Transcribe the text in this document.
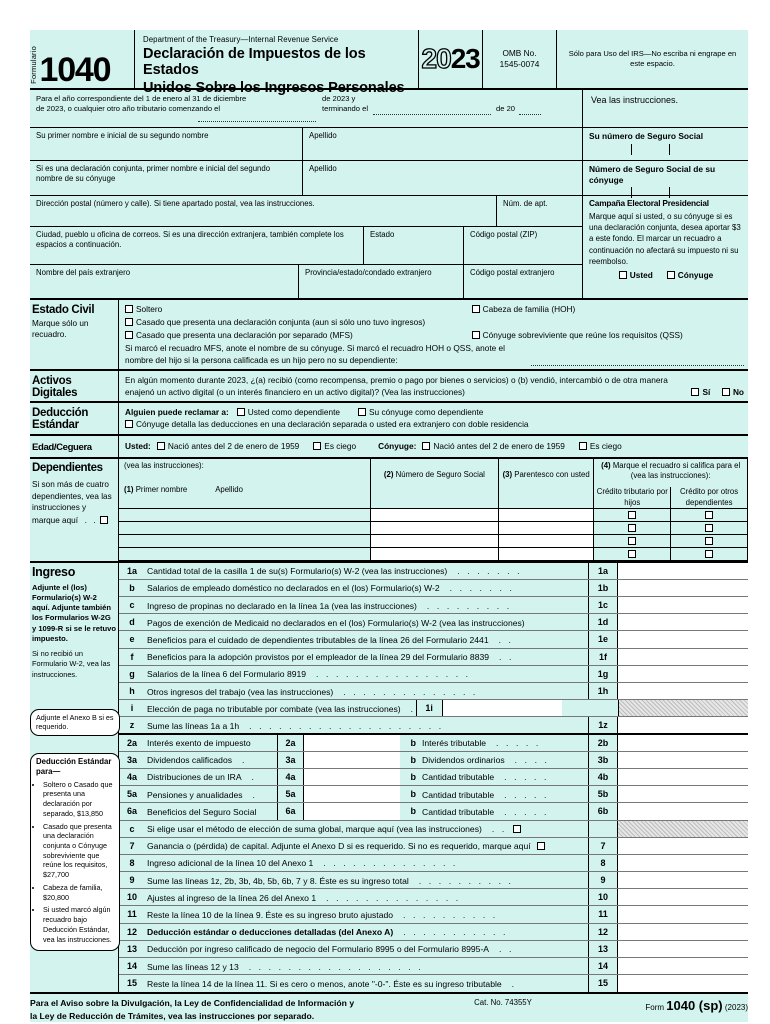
Formulario 1040
Department of the Treasury—Internal Revenue Service
Declaración de Impuestos de los Estados
Unidos Sobre los Ingresos Personales
20 23	OMB No.
1545-0074
Sólo para Uso del IRS—No escriba ni engrape en este espacio.
Para el año correspondiente del 1 de enero al 31 de diciembre
de 2023, o cualquier otro año tributario comenzando el
de 2023 y
terminando el	de 20
Vea las instrucciones.
Su primer nombre e inicial de su segundo nombre	Apellido	Su número de Seguro Social
Si es una declaración conjunta, primer nombre e inicial del segundo nombre de su cónyuge
Apellido	Número de Seguro Social de su cónyuge
Dirección postal (número y calle). Si tiene apartado postal, vea las instrucciones.	Núm. de apt.
Ciudad, pueblo u oficina de correos. Si es una dirección extranjera, también complete los espacios a continuación.
Estado	Código postal (ZIP)
Nombre del país extranjero	Provincia/estado/condado extranjero	Código postal extranjero
Campaña Electoral Presidencial
Marque aquí si usted, o su cónyuge si es una declaración conjunta, desea aportar $3 a este fondo. El marcar un recuadro a continuación no afectará su impuesto ni su reembolso.
Usted	Cónyuge
Estado Civil
Marque sólo un recuadro.
Soltero	Cabeza de familia (HOH)
Casado que presenta una declaración conjunta (aun si sólo uno tuvo ingresos)
Casado que presenta una declaración por separado (MFS)	Cónyuge sobreviviente que reúne los requisitos (QSS)
Si marcó el recuadro MFS, anote el nombre de su cónyuge. Si marcó el recuadro HOH o QSS, anote el nombre del hijo si la persona calificada es un hijo pero no su dependiente:
Activos
Digitales
En algún momento durante 2023, ¿(a) recibió (como recompensa, premio o pago por bienes o servicios) o (b) vendió, intercambió o de otra manera enajenó un activo digital (o un interés financiero en un activo digital)? (Vea las instrucciones)	Sí	No
Deducción
Estándar
Alguien puede reclamar a:	Usted como dependiente	Su cónyuge como dependiente
Cónyuge detalla las deducciones en una declaración separada o usted era extranjero con doble residencia
Edad/Ceguera	Usted:	Nació antes del 2 de enero de 1959	Es ciego	Cónyuge:	Nació antes del 2 de enero de 1959	Es ciego
Dependientes
Si son más de cuatro dependientes, vea las instrucciones y marque aquí  . .
(vea las instrucciones):
(1) Primer nombre	Apellido

(2) Número de Seguro Social	(3) Parentesco con usted

(4) Marque el recuadro si califica para el (vea las instrucciones):
Crédito tributario por hijos
Crédito por otros dependientes

Ingreso
Adjunte el (los) Formulario(s) W-2 aquí. Adjunte también los Formularios W-2G y 1099-R si se le retuvo impuesto.
Si no recibió un Formulario W-2, vea las instrucciones.
Adjunte el Anexo B si es requerido.
Deducción Estándar para—
• Soltero o Casado que presenta una declaración por separado, $13,850
• Casado que presenta una declaración conjunta o Cónyuge sobreviviente que reúne los requisitos, $27,700
• Cabeza de familia, $20,800
• Si usted marcó algún recuadro bajo Deducción Estándar, vea las instrucciones.
1a	Cantidad total de la casilla 1 de su(s) Formulario(s) W-2 (vea las instrucciones)  . . . . . . .	1a
b	Salarios de empleado doméstico no declarados en el (los) Formulario(s) W-2  . . . . . . .	1b
c	Ingreso de propinas no declarado en la línea 1a (vea las instrucciones)  . . . . . . . . .	1c
d	Pagos de exención de Medicaid no declarados en el (los) Formulario(s) W-2 (vea las instrucciones)	1d
e	Beneficios para el cuidado de dependientes tributables de la línea 26 del Formulario 2441  . .	1e
f	Beneficios para la adopción provistos por el empleador de la línea 29 del Formulario 8839  . .	1f
g	Salarios de la línea 6 del Formulario 8919  . . . . . . . . . . . . . . . .	1g
h	Otros ingresos del trabajo (vea las instrucciones)  . . . . . . . . . . . . . .	1h
i	Elección de paga no tributable por combate (vea las instrucciones)  .	1i
z	Sume las líneas 1a a 1h  . . . . . . . . . . . . . . . . . . . .	1z
2a	Interés exento de impuesto	2a	b Interés tributable  . . . . .	2b
3a	Dividendos calificados  .	3a	b Dividendos ordinarios  . . . .	3b
4a	Distribuciones de un IRA  .	4a	b Cantidad tributable  . . . . .	4b
5a	Pensiones y anualidades  .	5a	b Cantidad tributable  . . . . .	5b
6a	Beneficios del Seguro Social	6a	b Cantidad tributable  . . . . .	6b
c	Si elige usar el método de elección de suma global, marque aquí (vea las instrucciones)  . .
7	Ganancia o (pérdida) de capital. Adjunte el Anexo D si es requerido. Si no es requerido, marque aquí	7
8	Ingreso adicional de la línea 10 del Anexo 1  . . . . . . . . . . . . . .	8
9	Sume las líneas 1z, 2b, 3b, 4b, 5b, 6b, 7 y 8. Éste es su ingreso total  . . . . . . . . . .	9
10	Ajustes al ingreso de la línea 26 del Anexo 1  . . . . . . . . . . . . . .	10
11	Reste la línea 10 de la línea 9. Éste es su ingreso bruto ajustado  . . . . . . . . . .	11
12	Deducción estándar o deducciones detalladas (del Anexo A)  . . . . . . . . . . .	12
13	Deducción por ingreso calificado de negocio del Formulario 8995 o del Formulario 8995-A  . .	13
14	Sume las líneas 12 y 13  . . . . . . . . . . . . . . . . . .	14
15	Reste la línea 14 de la línea 11. Si es cero o menos, anote "-0-". Éste es su ingreso tributable  .	15
Para el Aviso sobre la Divulgación, la Ley de Confidencialidad de Información y
la Ley de Reducción de Trámites, vea las instrucciones por separado.
Cat. No. 74355Y
Form 1040 (sp) (2023)
